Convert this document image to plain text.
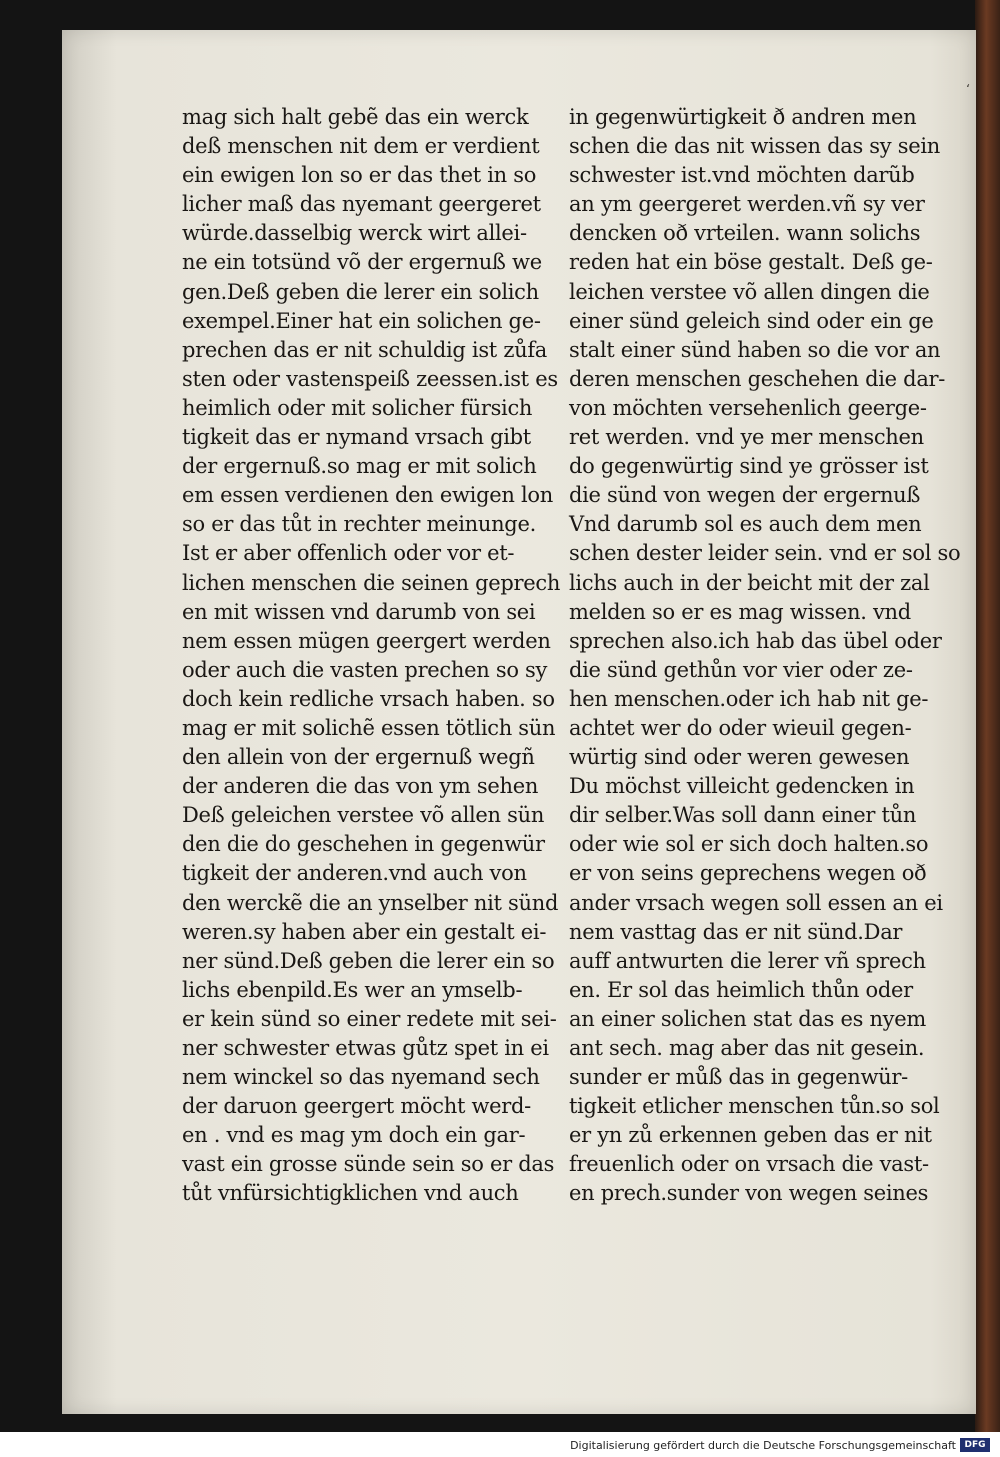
‘
mag sich halt gebẽ das ein werck
deß menschen nit dem er verdient
ein ewigen lon so er das thet in so
licher maß das nyemant geergeret
würde.dasselbig werck wirt allei-
ne ein totsünd võ der ergernuß we
gen.Deß geben die lerer ein solich
exempel.Einer hat ein solichen ge-
prechen das er nit schuldig ist zůfa
sten oder vastenspeiß zeessen.ist es
heimlich oder mit solicher fürsich
tigkeit das er nymand vrsach gibt
der ergernuß.so mag er mit solich
em essen verdienen den ewigen lon
so er das tůt in rechter meinunge.
Ist er aber offenlich oder vor et-
lichen menschen die seinen geprech
en mit wissen vnd darumb von sei
nem essen mügen geergert werden
oder auch die vasten prechen so sy
doch kein redliche vrsach haben. so
mag er mit solichẽ essen tötlich sün
den allein von der ergernuß wegñ
der anderen die das von ym sehen
Deß geleichen verstee võ allen sün
den die do geschehen in gegenwür
tigkeit der anderen.vnd auch von
den werckẽ die an ynselber nit sünd
weren.sy haben aber ein gestalt ei-
ner sünd.Deß geben die lerer ein so
lichs ebenpild.Es wer an ymselb-
er kein sünd so einer redete mit sei-
ner schwester etwas gůtz spet in ei
nem winckel so das nyemand sech
der daruon geergert möcht werd-
en . vnd es mag ym doch ein gar-
vast ein grosse sünde sein so er das
tůt vnfürsichtigklichen vnd auch
in gegenwürtigkeit ð andren men
schen die das nit wissen das sy sein
schwester ist.vnd möchten darũb
an ym geergeret werden.vñ sy ver
dencken oð vrteilen. wann solichs
reden hat ein böse gestalt. Deß ge-
leichen verstee võ allen dingen die
einer sünd geleich sind oder ein ge
stalt einer sünd haben so die vor an
deren menschen geschehen die dar-
von möchten versehenlich geerge-
ret werden. vnd ye mer menschen
do gegenwürtig sind ye grösser ist
die sünd von wegen der ergernuß
Vnd darumb sol es auch dem men
schen dester leider sein. vnd er sol so
lichs auch in der beicht mit der zal
melden so er es mag wissen. vnd
sprechen also.ich hab das übel oder
die sünd gethůn vor vier oder ze-
hen menschen.oder ich hab nit ge-
achtet wer do oder wieuil gegen-
würtig sind oder weren gewesen
Du möchst villeicht gedencken in
dir selber.Was soll dann einer tůn
oder wie sol er sich doch halten.so
er von seins geprechens wegen oð
ander vrsach wegen soll essen an ei
nem vasttag das er nit sünd.Dar
auff antwurten die lerer vñ sprech
en. Er sol das heimlich thůn oder
an einer solichen stat das es nyem
ant sech. mag aber das nit gesein.
sunder er můß das in gegenwür-
tigkeit etlicher menschen tůn.so sol
er yn zů erkennen geben das er nit
freuenlich oder on vrsach die vast-
en prech.sunder von wegen seines
Digitalisierung gefördert durch die Deutsche Forschungsgemeinschaft DFG
